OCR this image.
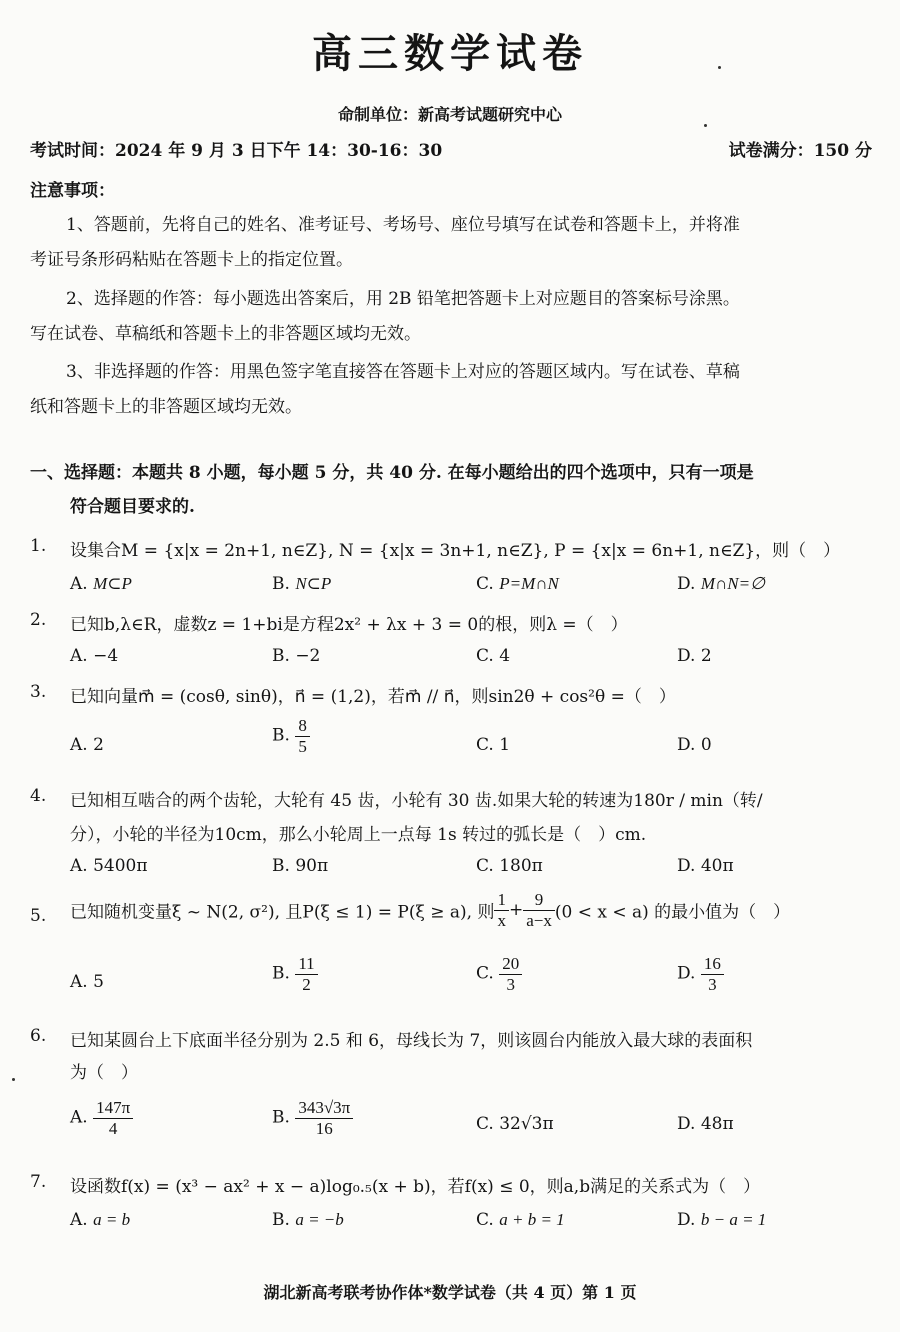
高三数学试卷
命制单位：新高考试题研究中心
考试时间：2024 年 9 月 3 日下午 14：30-16：30	试卷满分：150 分
注意事项：
1、答题前，先将自己的姓名、准考证号、考场号、座位号填写在试卷和答题卡上，并将准
考证号条形码粘贴在答题卡上的指定位置。
2、选择题的作答：每小题选出答案后，用 2B 铅笔把答题卡上对应题目的答案标号涂黑。
写在试卷、草稿纸和答题卡上的非答题区域均无效。
3、非选择题的作答：用黑色签字笔直接答在答题卡上对应的答题区域内。写在试卷、草稿
纸和答题卡上的非答题区域均无效。
一、选择题：本题共 8 小题，每小题 5 分，共 40 分. 在每小题给出的四个选项中，只有一项是
符合题目要求的.
1. 设集合M = {x|x = 2n+1, n∈Z}, N = {x|x = 3n+1, n∈Z}, P = {x|x = 6n+1, n∈Z}，则（　）
A. M⊂P	B. N⊂P	C. P=M∩N	D. M∩N=∅
2. 已知b,λ∈R，虚数z = 1+bi是方程2x² + λx + 3 = 0的根，则λ =（　）
A. −4	B. −2	C. 4	D. 2
3. 已知向量m⃗ = (cosθ, sinθ)，n⃗ = (1,2)，若m⃗ // n⃗，则sin2θ + cos²θ =（　）
A. 2	B. $\frac{8}{5}$	C. 1	D. 0
4. 已知相互啮合的两个齿轮，大轮有 45 齿，小轮有 30 齿.如果大轮的转速为180r / min（转/
分），小轮的半径为10cm，那么小轮周上一点每 1s 转过的弧长是（　）cm.
A. 5400π	B. 90π	C. 180π	D. 40π
5. 已知随机变量ξ ~ N(2, σ²), 且P(ξ ≤ 1) = P(ξ ≥ a), 则 $\frac{1}{x} + \frac{9}{a-x} (0 < x < a)$ 的最小值为（　）
A. 5	B. $\frac{11}{2}$	C. $\frac{20}{3}$	D. $\frac{16}{3}$
6. 已知某圆台上下底面半径分别为 2.5 和 6，母线长为 7，则该圆台内能放入最大球的表面积
为（　）
A. $\frac{147\pi}{4}$	B. $\frac{343√3\pi}{16}$	C. 32√3π	D. 48π
7. 设函数f(x) = (x³ − ax² + x − a)log₀.₅(x + b)，若f(x) ≤ 0，则a,b满足的关系式为（　）
A. a = b	B. a = −b	C. a + b = 1	D. b − a = 1
湖北新高考联考协作体*数学试卷（共 4 页）第 1 页
